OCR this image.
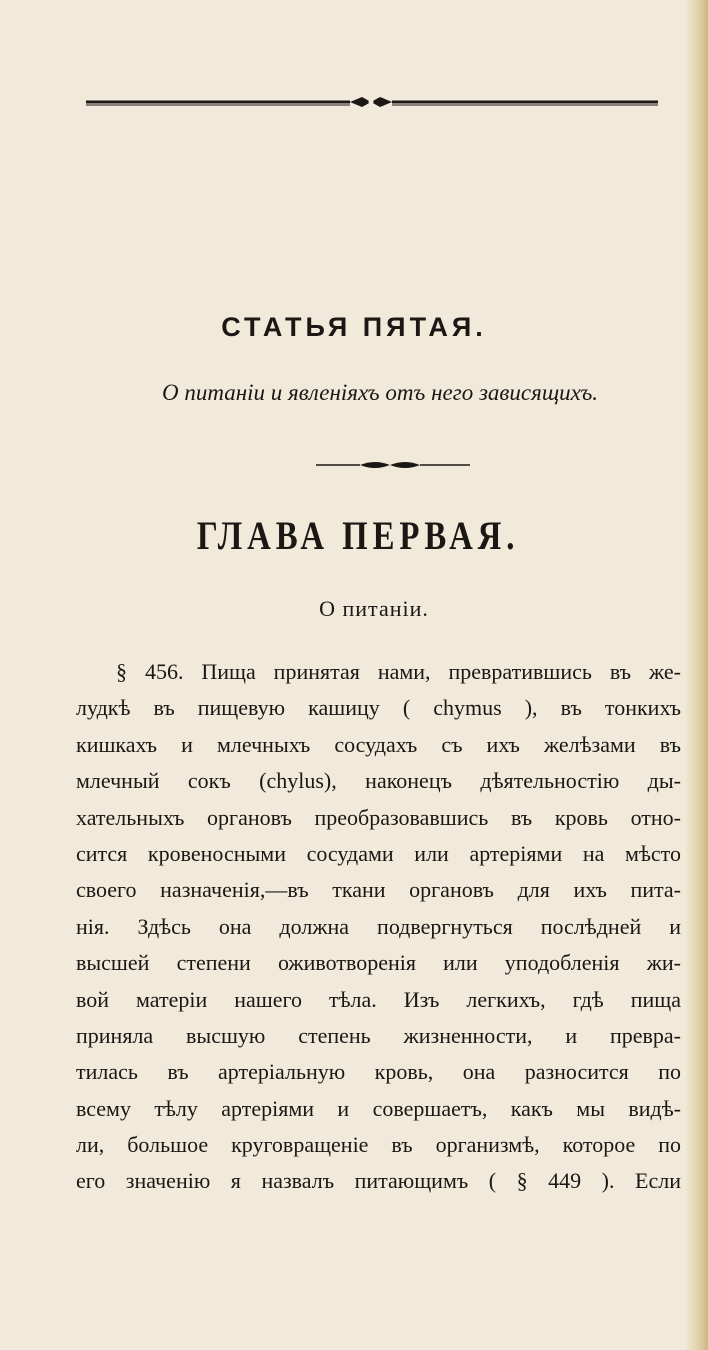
СТАТЬЯ ПЯТАЯ.
О питаніи и явленіяхъ отъ него зависящихъ.
ГЛАВА ПЕРВАЯ.
О питаніи.
§ 456. Пища принятая нами, превратившись въ же-
лудкѣ въ пищевую кашицу ( chymus ), въ тонкихъ
кишкахъ и млечныхъ сосудахъ съ ихъ желѣзами въ
млечный сокъ (chylus), наконецъ дѣятельностію ды-
хательныхъ органовъ преобразовавшись въ кровь отно-
сится кровеносными сосудами или артеріями на мѣсто
своего назначенія,—въ ткани органовъ для ихъ пита-
нія. Здѣсь она должна подвергнуться послѣдней и
высшей степени оживотворенія или уподобленія жи-
вой матеріи нашего тѣла. Изъ легкихъ, гдѣ пища
приняла высшую степень жизненности, и превра-
тилась въ артеріальную кровь, она разносится по
всему тѣлу артеріями и совершаетъ, какъ мы видѣ-
ли, большое круговращеніе въ организмѣ, которое по
его значенію я назвалъ питающимъ ( § 449 ). Если
